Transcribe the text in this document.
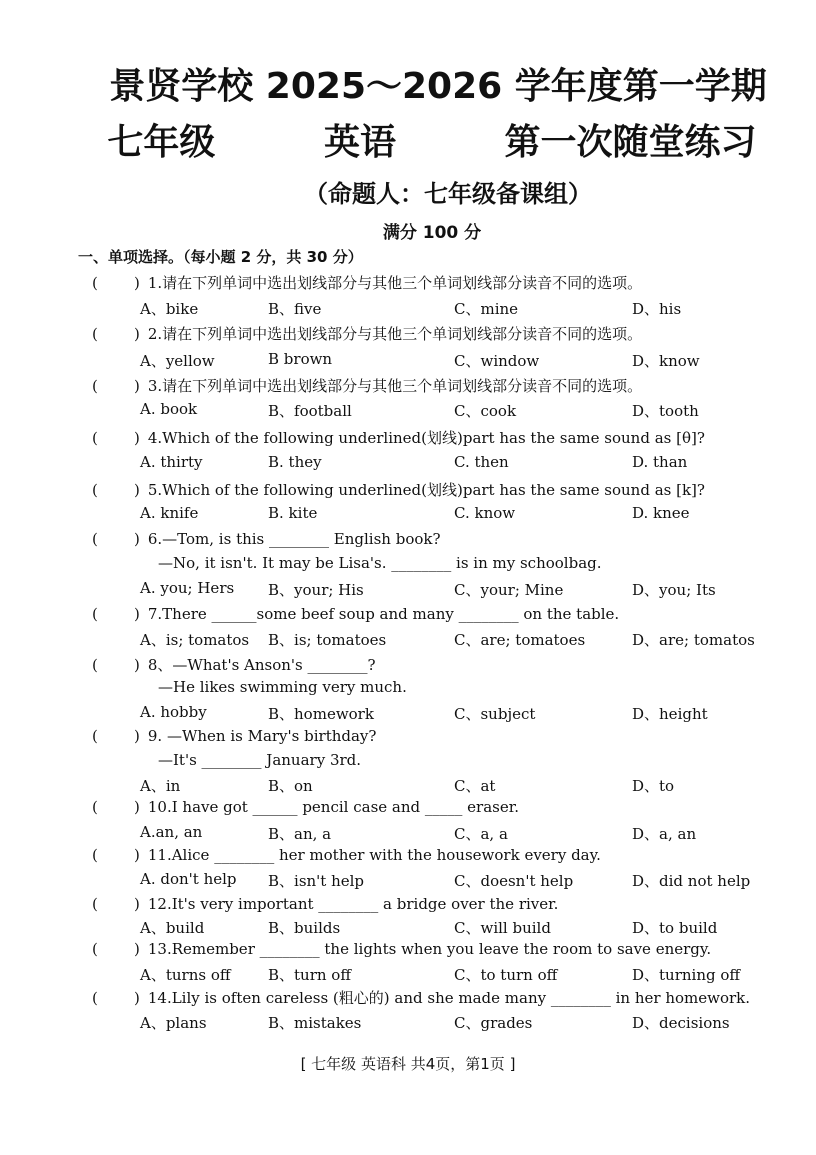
景贤学校 2025～2026 学年度第一学期
七年级	英语	第一次随堂练习
（命题人：七年级备课组）
满分 100 分
一、单项选择。（每小题 2 分，共 30 分）
( ) 1.请在下列单词中选出划线部分与其他三个单词划线部分读音不同的选项。
A、bike	B、five	C、mine	D、his
( ) 2.请在下列单词中选出划线部分与其他三个单词划线部分读音不同的选项。
A、yellow	B brown	C、window	D、know
( ) 3.请在下列单词中选出划线部分与其他三个单词划线部分读音不同的选项。
A. book	B、football	C、cook	D、tooth
( ) 4.Which of the following underlined(划线)part has the same sound as [θ]?
A. thirty	B. they	C. then	D. than
( ) 5.Which of the following underlined(划线)part has the same sound as [k]?
A. knife	B. kite	C. know	D. knee
( ) 6.—Tom, is this ________ English book?
—No, it isn't. It may be Lisa's. ________ is in my schoolbag.
A. you; Hers B、your; His	C、your; Mine	D、you; Its
( ) 7.There ______some beef soup and many ________ on the table.
A、is; tomatos B、is; tomatoes	C、are; tomatoes	D、are; tomatos
( ) 8、—What's Anson's ________?
—He likes swimming very much.
A. hobby	B、homework	C、subject	D、height
( ) 9. —When is Mary's birthday?
—It's ________ January 3rd.
A、in	B、on	C、at	D、to
( ) 10.I have got ______ pencil case and _____ eraser.
A.an, an	B、an, a	C、a, a	D、a, an
( ) 11.Alice ________ her mother with the housework every day.
A. don't help B、isn't help	C、doesn't help	D、did not help
( ) 12.It's very important ________ a bridge over the river.
A、build	B、builds	C、will build	D、to build
( ) 13.Remember ________ the lights when you leave the room to save energy.
A、turns off B、turn off	C、to turn off	D、turning off
( ) 14.Lily is often careless (粗心的) and she made many ________ in her homework.
A、plans	B、mistakes	C、grades	D、decisions
[ 七年级 英语科 共4页，第1页 ]
